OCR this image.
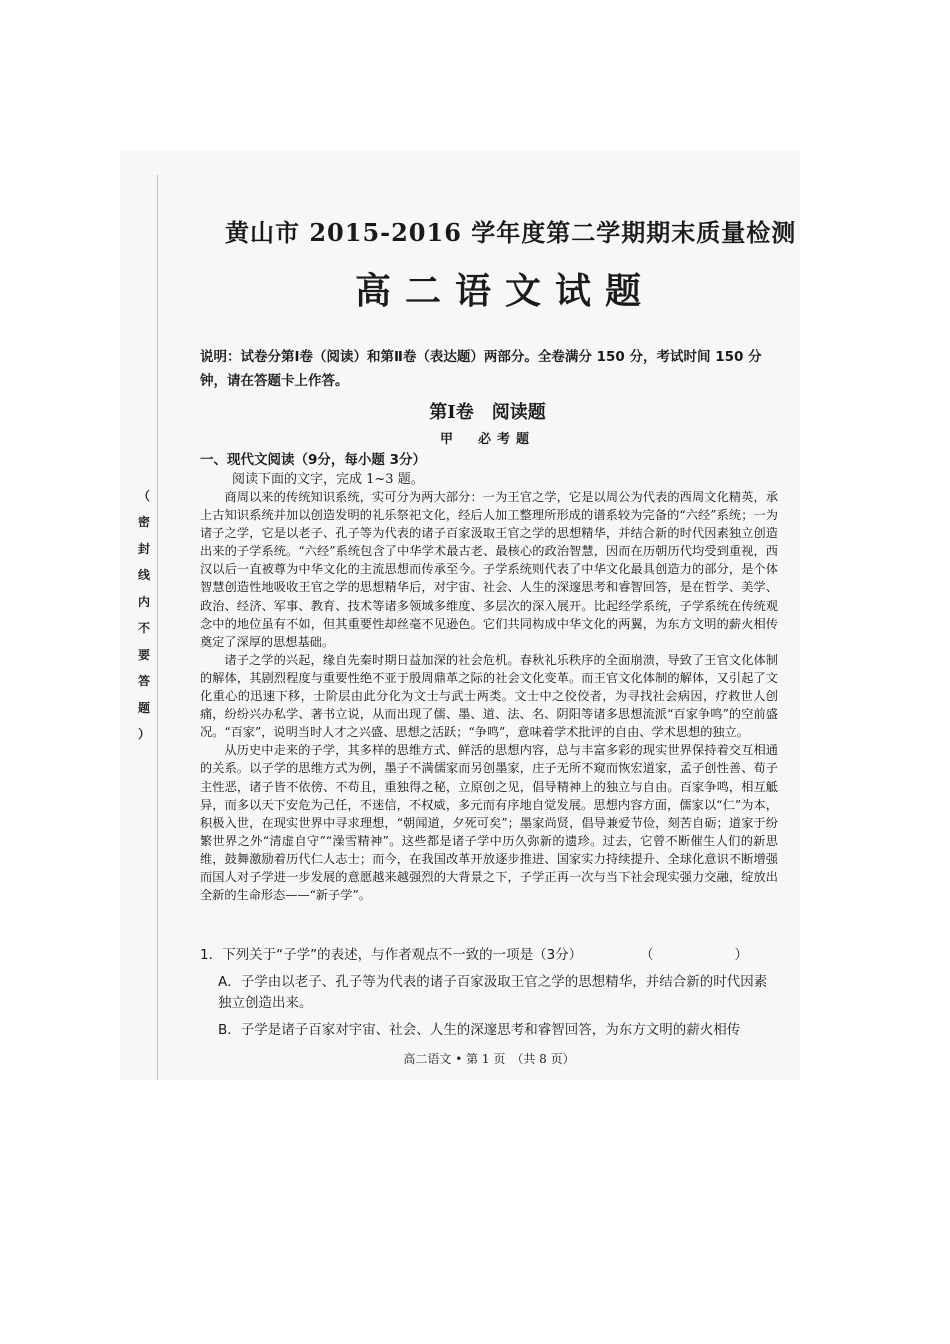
（
密
封
线
内
不
要
答
题
）
黄山市 2015-2016 学年度第二学期期末质量检测
高二语文试题
说明：试卷分第Ⅰ卷（阅读）和第Ⅱ卷（表达题）两部分。全卷满分 150 分，考试时间 150 分钟，请在答题卡上作答。
第Ⅰ卷　阅读题
甲　必考题
一、现代文阅读（9分，每小题 3分）
阅读下面的文字，完成 1~3 题。

商周以来的传统知识系统，实可分为两大部分：一为王官之学，它是以周公为代表的西周文化精英，承上古知识系统并加以创造发明的礼乐祭祀文化，经后人加工整理所形成的谱系较为完备的“六经”系统；一为诸子之学，它是以老子、孔子等为代表的诸子百家汲取王官之学的思想精华，并结合新的时代因素独立创造出来的子学系统。“六经”系统包含了中华学术最古老、最核心的政治智慧，因而在历朝历代均受到重视，西汉以后一直被尊为中华文化的主流思想而传承至今。子学系统则代表了中华文化最具创造力的部分，是个体智慧创造性地吸收王官之学的思想精华后，对宇宙、社会、人生的深邃思考和睿智回答，是在哲学、美学、政治、经济、军事、教育、技术等诸多领域多维度、多层次的深入展开。比起经学系统，子学系统在传统观念中的地位虽有不如，但其重要性却丝毫不见逊色。它们共同构成中华文化的两翼，为东方文明的薪火相传奠定了深厚的思想基础。

诸子之学的兴起，缘自先秦时期日益加深的社会危机。春秋礼乐秩序的全面崩溃，导致了王官文化体制的解体，其剧烈程度与重要性绝不亚于殷周鼎革之际的社会文化变革。而王官文化体制的解体，又引起了文化重心的迅速下移，士阶层由此分化为文士与武士两类。文士中之佼佼者，为寻找社会病因，疗救世人创痛，纷纷兴办私学、著书立说，从而出现了儒、墨、道、法、名、阴阳等诸多思想流派“百家争鸣”的空前盛况。“百家”，说明当时人才之兴盛、思想之活跃；“争鸣”，意味着学术批评的自由、学术思想的独立。

从历史中走来的子学，其多样的思维方式、鲜活的思想内容，总与丰富多彩的现实世界保持着交互相通的关系。以子学的思维方式为例，墨子不满儒家而另创墨家，庄子无所不窥而恢宏道家，孟子创性善、荀子主性恶，诸子皆不依傍、不苟且，重独得之秘，立原创之见，倡导精神上的独立与自由。百家争鸣，相互觝异，而多以天下安危为己任，不迷信，不权威，多元而有序地自觉发展。思想内容方面，儒家以“仁”为本，积极入世，在现实世界中寻求理想，“朝闻道，夕死可矣”；墨家尚贤，倡导兼爱节俭，刻苦自砺；道家于纷繁世界之外“清虚自守”“澡雪精神”。这些都是诸子学中历久弥新的遗珍。过去，它曾不断催生人们的新思维，鼓舞激励着历代仁人志士；而今，在我国改革开放逐步推进、国家实力持续提升、全球化意识不断增强而国人对子学进一步发展的意愿越来越强烈的大背景之下，子学正再一次与当下社会现实强力交融，绽放出全新的生命形态——“新子学”。

1．下列关于“子学”的表述，与作者观点不一致的一项是（3分）	（　　）
A．子学由以老子、孔子等为代表的诸子百家汲取王官之学的思想精华，并结合新的时代因素独立创造出来。
B．子学是诸子百家对宇宙、社会、人生的深邃思考和睿智回答，为东方文明的薪火相传
高二语文 • 第 1 页　（共 8 页）
